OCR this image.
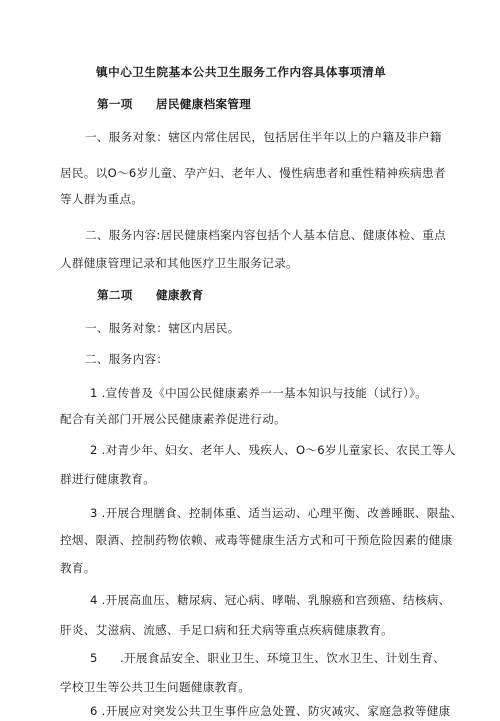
镇中心卫生院基本公共卫生服务工作内容具体事项清单
第一项 居民健康档案管理
一、服务对象：辖区内常住居民，包括居住半年以上的户籍及非户籍
居民。以O〜6岁儿童、孕产妇、老年人、慢性病患者和重性精神疾病患者
等人群为重点。
二、服务内容:居民健康档案内容包括个人基本信息、健康体检、重点
人群健康管理记录和其他医疗卫生服务记录。
第二项 健康教育
一、服务对象：辖区内居民。
二、服务内容：
1 .宣传普及《中国公民健康素养一一基本知识与技能（试行）》。
配合有关部门开展公民健康素养促进行动。
2 .对青少年、妇女、老年人、残疾人、O〜6岁儿童家长、农民工等人
群进行健康教育。
3 .开展合理膳食、控制体重、适当运动、心理平衡、改善睡眠、限盐、
控烟、限酒、控制药物依赖、戒毒等健康生活方式和可干预危险因素的健康
教育。
4 .开展高血压、糖尿病、冠心病、哮喘、乳腺癌和宫颈癌、结核病、
肝炎、艾滋病、流感、手足口病和狂犬病等重点疾病健康教育。
5 .开展食品安全、职业卫生、环境卫生、饮水卫生、计划生育、
学校卫生等公共卫生问题健康教育。
6 .开展应对突发公共卫生事件应急处置、防灾减灾、家庭急救等健康
